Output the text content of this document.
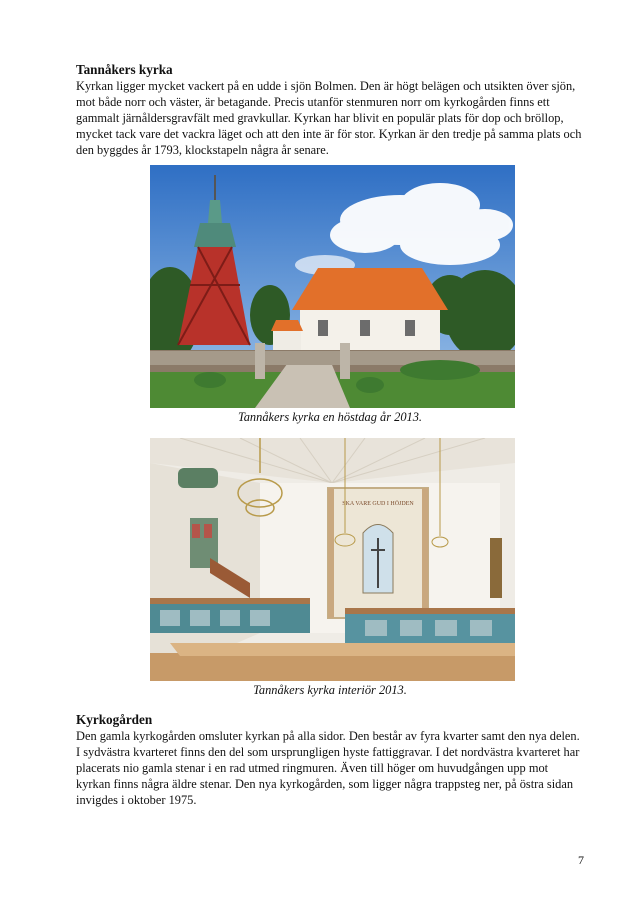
Tannåkers kyrka

Kyrkan ligger mycket vackert på en udde i sjön Bolmen. Den är högt belägen och utsikten över sjön, mot både norr och väster, är betagande. Precis utanför stenmuren norr om kyrkogården finns ett gammalt järnåldersgravfält med gravkullar. Kyrkan har blivit en populär plats för dop och bröllop, mycket tack vare det vackra läget och att den inte är för stor. Kyrkan är den tredje på samma plats och den byggdes år 1793, klockstapeln några år senare.

Tannåkers kyrka en höstdag år 2013.
SKA VARE GUD I HÖJDEN
Tannåkers kyrka interiör 2013.

Kyrkogården

Den gamla kyrkogården omsluter kyrkan på alla sidor. Den består av fyra kvarter samt den nya delen. I sydvästra kvarteret finns den del som ursprungligen hyste fattiggravar. I det nordvästra kvarteret har placerats nio gamla stenar i en rad utmed ringmuren. Även till höger om huvudgången upp mot kyrkan finns några äldre stenar. Den nya kyrkogården, som ligger några trappsteg ner, på östra sidan invigdes i oktober 1975.

7
